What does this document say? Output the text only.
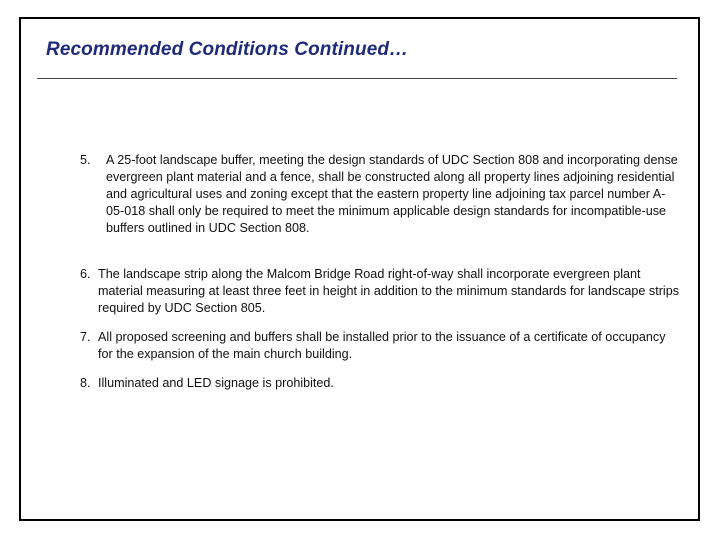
Recommended Conditions Continued…
5. A 25-foot landscape buffer, meeting the design standards of UDC Section 808 and incorporating dense evergreen plant material and a fence, shall be constructed along all property lines adjoining residential and agricultural uses and zoning except that the eastern property line adjoining tax parcel number A-05-018 shall only be required to meet the minimum applicable design standards for incompatible-use buffers outlined in UDC Section 808.
6. The landscape strip along the Malcom Bridge Road right-of-way shall incorporate evergreen plant material measuring at least three feet in height in addition to the minimum standards for landscape strips required by UDC Section 805.
7. All proposed screening and buffers shall be installed prior to the issuance of a certificate of occupancy for the expansion of the main church building.
8. Illuminated and LED signage is prohibited.
